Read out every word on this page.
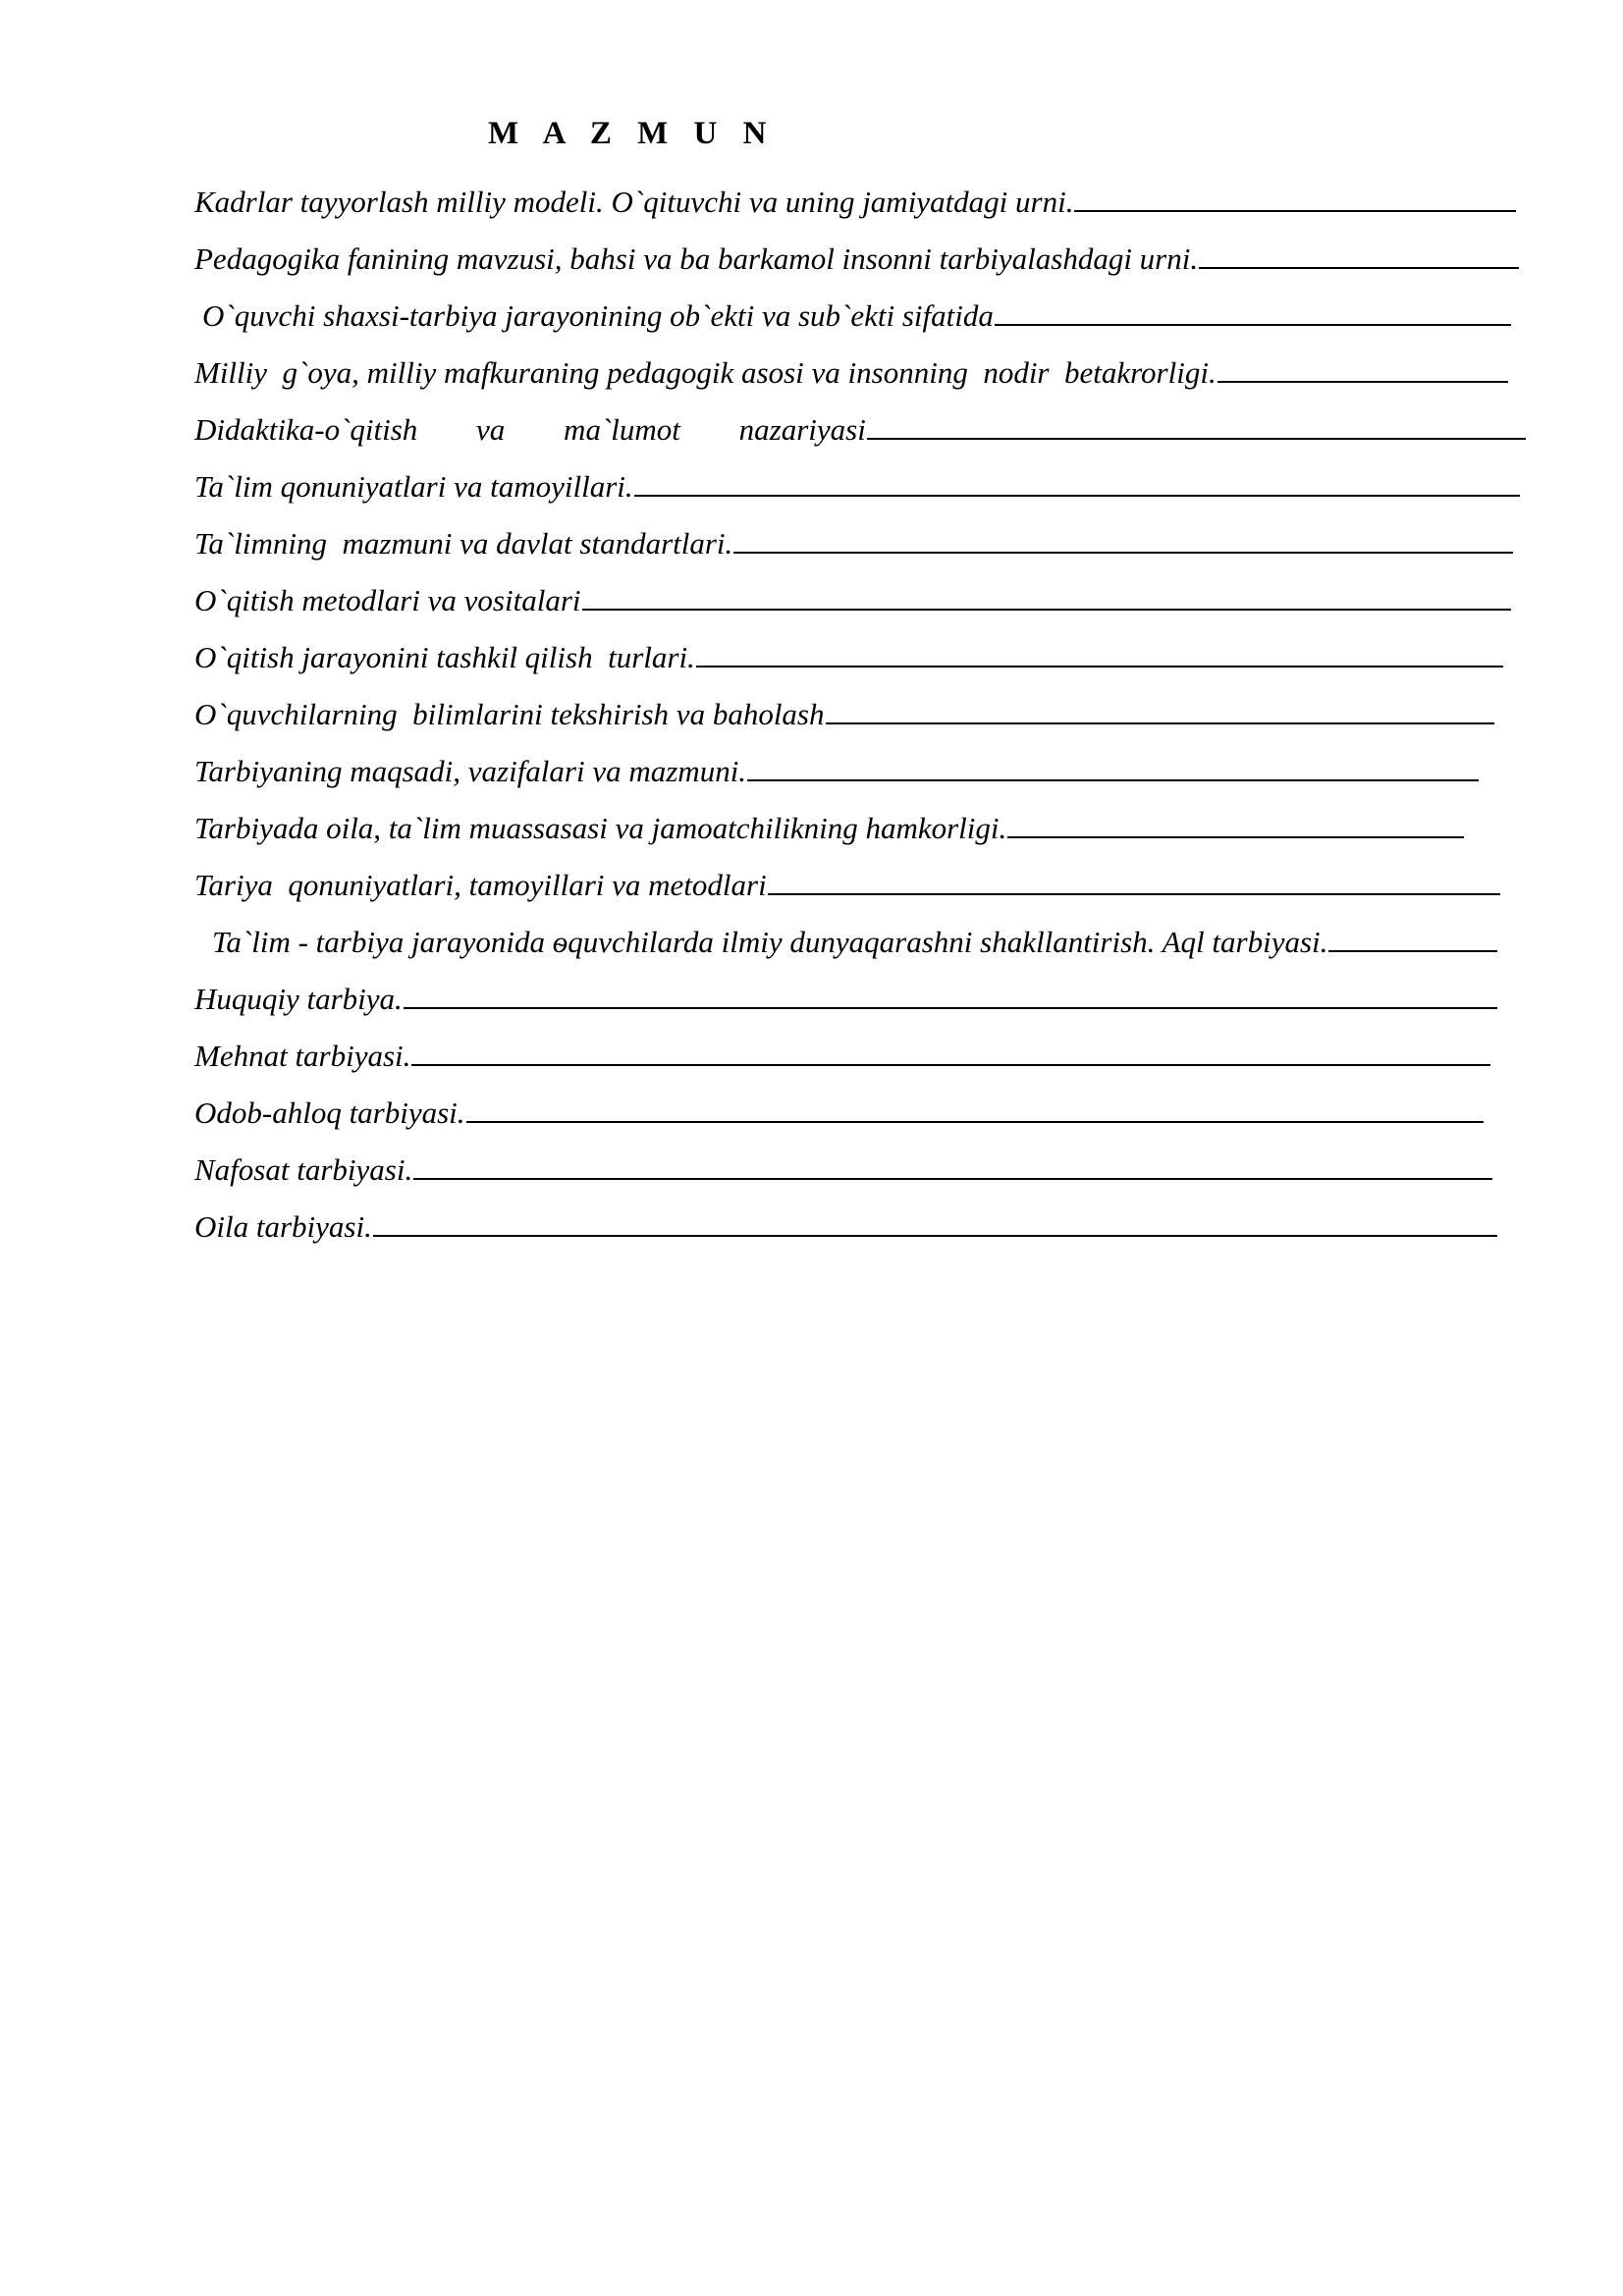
M A Z M U N
Kadrlar tayyorlash milliy modeli. O`qituvchi va uning jamiyatdagi urni.
Pedagogika fanining mavzusi, bahsi va ba barkamol insonni tarbiyalashdagi urni.
O`quvchi shaxsi-tarbiya jarayonining ob`ekti va sub`ekti sifatida
Milliy  g`oya, milliy mafkuraning pedagogik asosi va insonning  nodir  betakrorligi.
Didaktika-o`qitish va ma`lumot nazariyasi
Ta`lim qonuniyatlari va tamoyillari.
Ta`limning  mazmuni va davlat standartlari.
O`qitish metodlari va vositalari
O`qitish jarayonini tashkil qilish  turlari.
O`quvchilarning  bilimlarini tekshirish va baholash
Tarbiyaning maqsadi, vazifalari va mazmuni.
Tarbiyada oila, ta`lim muassasasi va jamoatchilikning hamkorligi.
Tariya  qonuniyatlari, tamoyillari va metodlari
Ta`lim - tarbiya jarayonida ѳquvchilarda ilmiy dunyaqarashni shakllantirish. Aql tarbiyasi.
Huquqiy tarbiya.
Mehnat tarbiyasi.
Odob-ahloq tarbiyasi.
Nafosat tarbiyasi.
Oila tarbiyasi.
